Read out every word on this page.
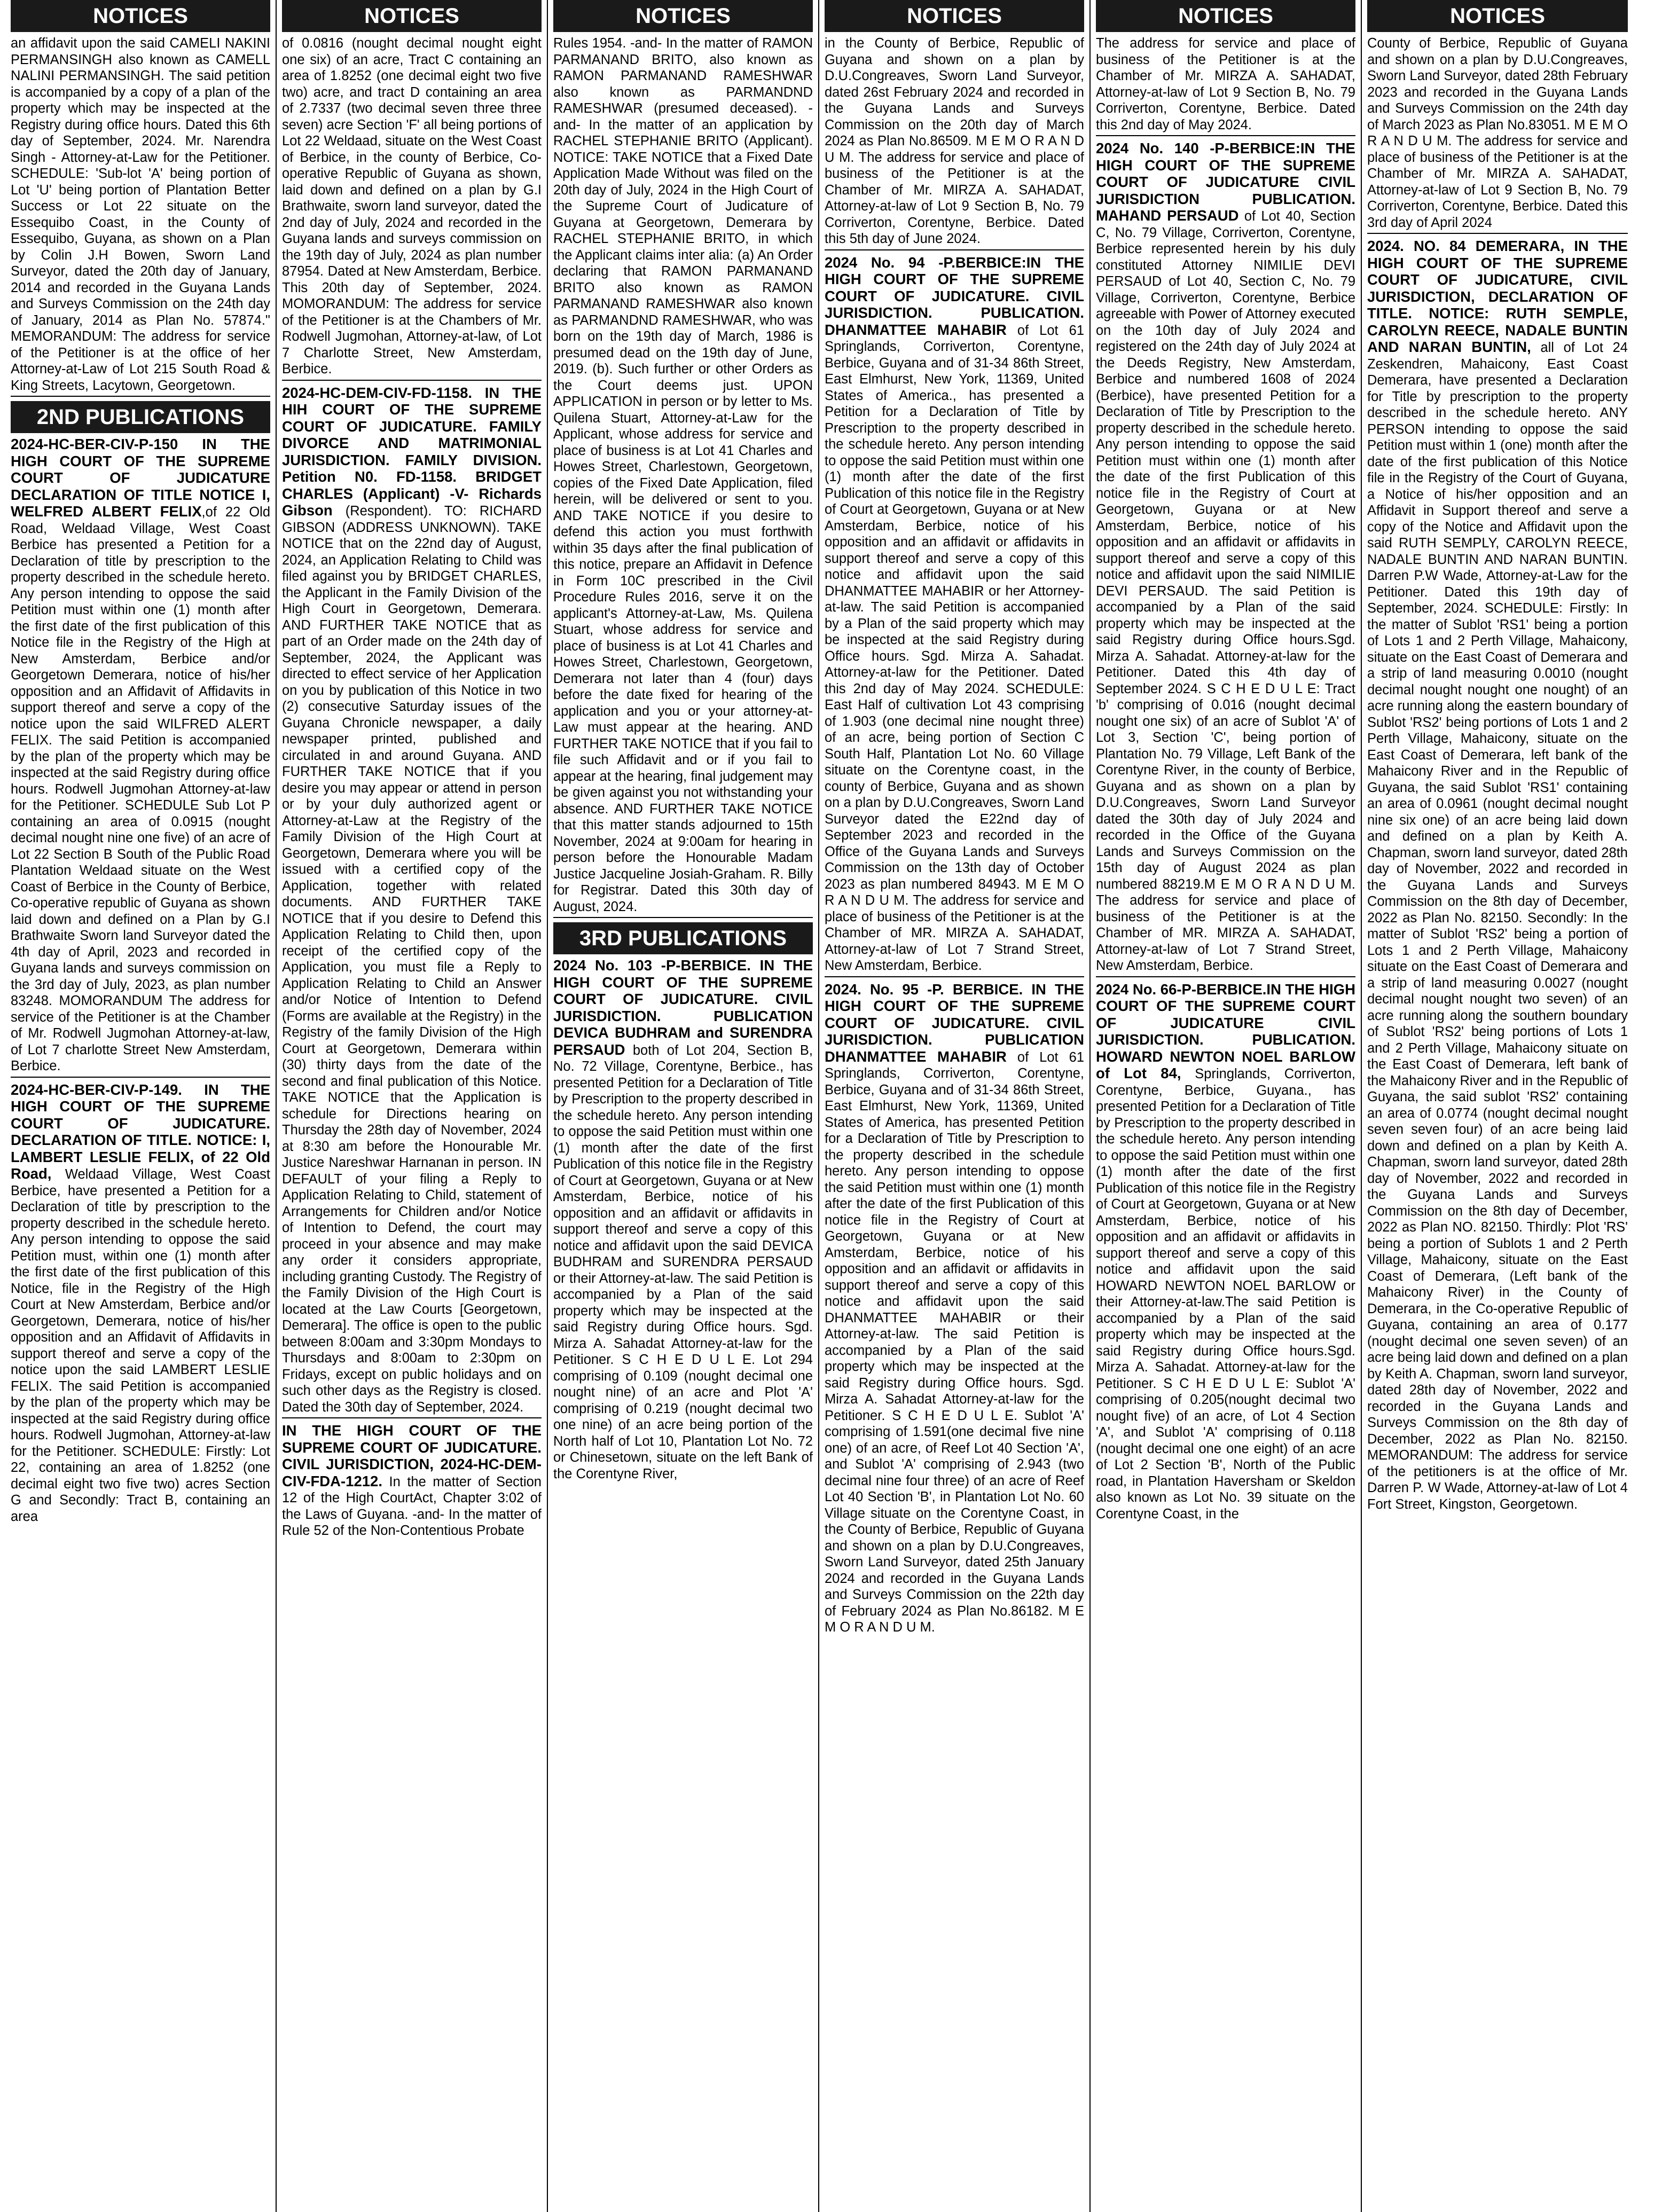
NOTICES

an affidavit upon the said CAMELI NAKINI PERMANSINGH also known as CAMELL NALINI PERMANSINGH. The said petition is accompanied by a copy of a plan of the property which may be inspected at the Registry during office hours. Dated this 6th day of September, 2024. Mr. Narendra Singh - Attorney-at-Law for the Petitioner. SCHEDULE: 'Sub-lot 'A' being portion of Lot 'U' being portion of Plantation Better Success or Lot 22 situate on the Essequibo Coast, in the County of Essequibo, Guyana, as shown on a Plan by Colin J.H Bowen, Sworn Land Surveyor, dated the 20th day of January, 2014 and recorded in the Guyana Lands and Surveys Commission on the 24th day of January, 2014 as Plan No. 57874." MEMORANDUM: The address for service of the Petitioner is at the office of her Attorney-at-Law of Lot 215 South Road & King Streets, Lacytown, Georgetown.

2ND PUBLICATIONS

2024-HC-BER-CIV-P-150 IN THE HIGH COURT OF THE SUPREME COURT OF JUDICATURE DECLARATION OF TITLE NOTICE I, WELFRED ALBERT FELIX,of 22 Old Road, Weldaad Village, West Coast Berbice has presented a Petition for a Declaration of title by prescription to the property described in the schedule hereto. Any person intending to oppose the said Petition must within one (1) month after the first date of the first publication of this Notice file in the Registry of the High at New Amsterdam, Berbice and/or Georgetown Demerara, notice of his/her opposition and an Affidavit of Affidavits in support thereof and serve a copy of the notice upon the said WILFRED ALERT FELIX. The said Petition is accompanied by the plan of the property which may be inspected at the said Registry during office hours. Rodwell Jugmohan Attorney-at-law for the Petitioner. SCHEDULE Sub Lot P containing an area of 0.0915 (nought decimal nought nine one five) of an acre of Lot 22 Section B South of the Public Road Plantation Weldaad situate on the West Coast of Berbice in the County of Berbice, Co-operative republic of Guyana as shown laid down and defined on a Plan by G.I Brathwaite Sworn land Surveyor dated the 4th day of April, 2023 and recorded in Guyana lands and surveys commission on the 3rd day of July, 2023, as plan number 83248. MOMORANDUM The address for service of the Petitioner is at the Chamber of Mr. Rodwell Jugmohan Attorney-at-law, of Lot 7 charlotte Street New Amsterdam, Berbice.

2024-HC-BER-CIV-P-149. IN THE HIGH COURT OF THE SUPREME COURT OF JUDICATURE. DECLARATION OF TITLE. NOTICE: I, LAMBERT LESLIE FELIX, of 22 Old Road, Weldaad Village, West Coast Berbice, have presented a Petition for a Declaration of title by prescription to the property described in the schedule hereto. Any person intending to oppose the said Petition must, within one (1) month after the first date of the first publication of this Notice, file in the Registry of the High Court at New Amsterdam, Berbice and/or Georgetown, Demerara, notice of his/her opposition and an Affidavit of Affidavits in support thereof and serve a copy of the notice upon the said LAMBERT LESLIE FELIX. The said Petition is accompanied by the plan of the property which may be inspected at the said Registry during office hours. Rodwell Jugmohan, Attorney-at-law for the Petitioner. SCHEDULE: Firstly: Lot 22, containing an area of 1.8252 (one decimal eight two five two) acres Section G and Secondly: Tract B, containing an area

NOTICES

of 0.0816 (nought decimal nought eight one six) of an acre, Tract C containing an area of 1.8252 (one decimal eight two five two) acre, and tract D containing an area of 2.7337 (two decimal seven three three seven) acre Section 'F' all being portions of Lot 22 Weldaad, situate on the West Coast of Berbice, in the county of Berbice, Co-operative Republic of Guyana as shown, laid down and defined on a plan by G.I Brathwaite, sworn land surveyor, dated the 2nd day of July, 2024 and recorded in the Guyana lands and surveys commission on the 19th day of July, 2024 as plan number 87954. Dated at New Amsterdam, Berbice. This 20th day of September, 2024. MOMORANDUM: The address for service of the Petitioner is at the Chambers of Mr. Rodwell Jugmohan, Attorney-at-law, of Lot 7 Charlotte Street, New Amsterdam, Berbice.

2024-HC-DEM-CIV-FD-1158. IN THE HIH COURT OF THE SUPREME COURT OF JUDICATURE. FAMILY DIVORCE AND MATRIMONIAL JURISDICTION. FAMILY DIVISION. Petition N0. FD-1158. BRIDGET CHARLES (Applicant) -V- Richards Gibson (Respondent). TO: RICHARD GIBSON (ADDRESS UNKNOWN). TAKE NOTICE that on the 22nd day of August, 2024, an Application Relating to Child was filed against you by BRIDGET CHARLES, the Applicant in the Family Division of the High Court in Georgetown, Demerara. AND FURTHER TAKE NOTICE that as part of an Order made on the 24th day of September, 2024, the Applicant was directed to effect service of her Application on you by publication of this Notice in two (2) consecutive Saturday issues of the Guyana Chronicle newspaper, a daily newspaper printed, published and circulated in and around Guyana. AND FURTHER TAKE NOTICE that if you desire you may appear or attend in person or by your duly authorized agent or Attorney-at-Law at the Registry of the Family Division of the High Court at Georgetown, Demerara where you will be issued with a certified copy of the Application, together with related documents. AND FURTHER TAKE NOTICE that if you desire to Defend this Application Relating to Child then, upon receipt of the certified copy of the Application, you must file a Reply to Application Relating to Child an Answer and/or Notice of Intention to Defend (Forms are available at the Registry) in the Registry of the family Division of the High Court at Georgetown, Demerara within (30) thirty days from the date of the second and final publication of this Notice. TAKE NOTICE that the Application is schedule for Directions hearing on Thursday the 28th day of November, 2024 at 8:30 am before the Honourable Mr. Justice Nareshwar Harnanan in person. IN DEFAULT of your filing a Reply to Application Relating to Child, statement of Arrangements for Children and/or Notice of Intention to Defend, the court may proceed in your absence and may make any order it considers appropriate, including granting Custody. The Registry of the Family Division of the High Court is located at the Law Courts [Georgetown, Demerara]. The office is open to the public between 8:00am and 3:30pm Mondays to Thursdays and 8:00am to 2:30pm on Fridays, except on public holidays and on such other days as the Registry is closed. Dated the 30th day of September, 2024.

IN THE HIGH COURT OF THE SUPREME COURT OF JUDICATURE. CIVIL JURISDICTION, 2024-HC-DEM-CIV-FDA-1212. In the matter of Section 12 of the High CourtAct, Chapter 3:02 of the Laws of Guyana. -and- In the matter of Rule 52 of the Non-Contentious Probate

NOTICES

Rules 1954. -and- In the matter of RAMON PARMANAND BRITO, also known as RAMON PARMANAND RAMESHWAR also known as PARMANDND RAMESHWAR (presumed deceased). -and- In the matter of an application by RACHEL STEPHANIE BRITO (Applicant). NOTICE: TAKE NOTICE that a Fixed Date Application Made Without was filed on the 20th day of July, 2024 in the High Court of the Supreme Court of Judicature of Guyana at Georgetown, Demerara by RACHEL STEPHANIE BRITO, in which the Applicant claims inter alia: (a) An Order declaring that RAMON PARMANAND BRITO also known as RAMON PARMANAND RAMESHWAR also known as PARMANDND RAMESHWAR, who was born on the 19th day of March, 1986 is presumed dead on the 19th day of June, 2019. (b). Such further or other Orders as the Court deems just. UPON APPLICATION in person or by letter to Ms. Quilena Stuart, Attorney-at-Law for the Applicant, whose address for service and place of business is at Lot 41 Charles and Howes Street, Charlestown, Georgetown, copies of the Fixed Date Application, filed herein, will be delivered or sent to you. AND TAKE NOTICE if you desire to defend this action you must forthwith within 35 days after the final publication of this notice, prepare an Affidavit in Defence in Form 10C prescribed in the Civil Procedure Rules 2016, serve it on the applicant's Attorney-at-Law, Ms. Quilena Stuart, whose address for service and place of business is at Lot 41 Charles and Howes Street, Charlestown, Georgetown, Demerara not later than 4 (four) days before the date fixed for hearing of the application and you or your attorney-at-Law must appear at the hearing. AND FURTHER TAKE NOTICE that if you fail to file such Affidavit and or if you fail to appear at the hearing, final judgement may be given against you not withstanding your absence. AND FURTHER TAKE NOTICE that this matter stands adjourned to 15th November, 2024 at 9:00am for hearing in person before the Honourable Madam Justice Jacqueline Josiah-Graham. R. Billy for Registrar. Dated this 30th day of August, 2024.

3RD PUBLICATIONS

2024 No. 103 -P-BERBICE. IN THE HIGH COURT OF THE SUPREME COURT OF JUDICATURE. CIVIL JURISDICTION. PUBLICATION DEVICA BUDHRAM and SURENDRA PERSAUD both of Lot 204, Section B, No. 72 Village, Corentyne, Berbice., has presented Petition for a Declaration of Title by Prescription to the property described in the schedule hereto. Any person intending to oppose the said Petition must within one (1) month after the date of the first Publication of this notice file in the Registry of Court at Georgetown, Guyana or at New Amsterdam, Berbice, notice of his opposition and an affidavit or affidavits in support thereof and serve a copy of this notice and affidavit upon the said DEVICA BUDHRAM and SURENDRA PERSAUD or their Attorney-at-law. The said Petition is accompanied by a Plan of the said property which may be inspected at the said Registry during Office hours. Sgd. Mirza A. Sahadat Attorney-at-law for the Petitioner. S C H E D U L E. Lot 294 comprising of 0.109 (nought decimal one nought nine) of an acre and Plot 'A' comprising of 0.219 (nought decimal two one nine) of an acre being portion of the North half of Lot 10, Plantation Lot No. 72 or Chinesetown, situate on the left Bank of the Corentyne River,

NOTICES

in the County of Berbice, Republic of Guyana and shown on a plan by D.U.Congreaves, Sworn Land Surveyor, dated 26st February 2024 and recorded in the Guyana Lands and Surveys Commission on the 20th day of March 2024 as Plan No.86509. M E M O R A N D U M. The address for service and place of business of the Petitioner is at the Chamber of Mr. MIRZA A. SAHADAT, Attorney-at-law of Lot 9 Section B, No. 79 Corriverton, Corentyne, Berbice. Dated this 5th day of June 2024.

2024 No. 94 -P.BERBICE:IN THE HIGH COURT OF THE SUPREME COURT OF JUDICATURE. CIVIL JURISDICTION. PUBLICATION. DHANMATTEE MAHABIR of Lot 61 Springlands, Corriverton, Corentyne, Berbice, Guyana and of 31-34 86th Street, East Elmhurst, New York, 11369, United States of America., has presented a Petition for a Declaration of Title by Prescription to the property described in the schedule hereto. Any person intending to oppose the said Petition must within one (1) month after the date of the first Publication of this notice file in the Registry of Court at Georgetown, Guyana or at New Amsterdam, Berbice, notice of his opposition and an affidavit or affidavits in support thereof and serve a copy of this notice and affidavit upon the said DHANMATTEE MAHABIR or her Attorney-at-law. The said Petition is accompanied by a Plan of the said property which may be inspected at the said Registry during Office hours. Sgd. Mirza A. Sahadat. Attorney-at-law for the Petitioner. Dated this 2nd day of May 2024. SCHEDULE: East Half of cultivation Lot 43 comprising of 1.903 (one decimal nine nought three) of an acre, being portion of Section C South Half, Plantation Lot No. 60 Village situate on the Corentyne coast, in the county of Berbice, Guyana and as shown on a plan by D.U.Congreaves, Sworn Land Surveyor dated the E22nd day of September 2023 and recorded in the Office of the Guyana Lands and Surveys Commission on the 13th day of October 2023 as plan numbered 84943. M E M O R A N D U M. The address for service and place of business of the Petitioner is at the Chamber of MR. MIRZA A. SAHADAT, Attorney-at-law of Lot 7 Strand Street, New Amsterdam, Berbice.

2024. No. 95 -P. BERBICE. IN THE HIGH COURT OF THE SUPREME COURT OF JUDICATURE. CIVIL JURISDICTION. PUBLICATION DHANMATTEE MAHABIR of Lot 61 Springlands, Corriverton, Corentyne, Berbice, Guyana and of 31-34 86th Street, East Elmhurst, New York, 11369, United States of America, has presented Petition for a Declaration of Title by Prescription to the property described in the schedule hereto. Any person intending to oppose the said Petition must within one (1) month after the date of the first Publication of this notice file in the Registry of Court at Georgetown, Guyana or at New Amsterdam, Berbice, notice of his opposition and an affidavit or affidavits in support thereof and serve a copy of this notice and affidavit upon the said DHANMATTEE MAHABIR or their Attorney-at-law. The said Petition is accompanied by a Plan of the said property which may be inspected at the said Registry during Office hours. Sgd. Mirza A. Sahadat Attorney-at-law for the Petitioner. S C H E D U L E. Sublot 'A' comprising of 1.591(one decimal five nine one) of an acre, of Reef Lot 40 Section 'A', and Sublot 'A' comprising of 2.943 (two decimal nine four three) of an acre of Reef Lot 40 Section 'B', in Plantation Lot No. 60 Village situate on the Corentyne Coast, in the County of Berbice, Republic of Guyana and shown on a plan by D.U.Congreaves, Sworn Land Surveyor, dated 25th January 2024 and recorded in the Guyana Lands and Surveys Commission on the 22th day of February 2024 as Plan No.86182. M E M O R A N D U M.

NOTICES

The address for service and place of business of the Petitioner is at the Chamber of Mr. MIRZA A. SAHADAT, Attorney-at-law of Lot 9 Section B, No. 79 Corriverton, Corentyne, Berbice. Dated this 2nd day of May 2024.

2024 No. 140 -P-BERBICE:IN THE HIGH COURT OF THE SUPREME COURT OF JUDICATURE CIVIL JURISDICTION PUBLICATION. MAHAND PERSAUD of Lot 40, Section C, No. 79 Village, Corriverton, Corentyne, Berbice represented herein by his duly constituted Attorney NIMILIE DEVI PERSAUD of Lot 40, Section C, No. 79 Village, Corriverton, Corentyne, Berbice agreeable with Power of Attorney executed on the 10th day of July 2024 and registered on the 24th day of July 2024 at the Deeds Registry, New Amsterdam, Berbice and numbered 1608 of 2024 (Berbice), have presented Petition for a Declaration of Title by Prescription to the property described in the schedule hereto. Any person intending to oppose the said Petition must within one (1) month after the date of the first Publication of this notice file in the Registry of Court at Georgetown, Guyana or at New Amsterdam, Berbice, notice of his opposition and an affidavit or affidavits in support thereof and serve a copy of this notice and affidavit upon the said NIMILIE DEVI PERSAUD. The said Petition is accompanied by a Plan of the said property which may be inspected at the said Registry during Office hours.Sgd. Mirza A. Sahadat. Attorney-at-law for the Petitioner. Dated this 4th day of September 2024. S C H E D U L E: Tract 'b' comprising of 0.016 (nought decimal nought one six) of an acre of Sublot 'A' of Lot 3, Section 'C', being portion of Plantation No. 79 Village, Left Bank of the Corentyne River, in the county of Berbice, Guyana and as shown on a plan by D.U.Congreaves, Sworn Land Surveyor dated the 30th day of July 2024 and recorded in the Office of the Guyana Lands and Surveys Commission on the 15th day of August 2024 as plan numbered 88219.M E M O R A N D U M. The address for service and place of business of the Petitioner is at the Chamber of MR. MIRZA A. SAHADAT, Attorney-at-law of Lot 7 Strand Street, New Amsterdam, Berbice.

2024 No. 66-P-BERBICE.IN THE HIGH COURT OF THE SUPREME COURT OF JUDICATURE CIVIL JURISDICTION. PUBLICATION. HOWARD NEWTON NOEL BARLOW of Lot 84, Springlands, Corriverton, Corentyne, Berbice, Guyana., has presented Petition for a Declaration of Title by Prescription to the property described in the schedule hereto. Any person intending to oppose the said Petition must within one (1) month after the date of the first Publication of this notice file in the Registry of Court at Georgetown, Guyana or at New Amsterdam, Berbice, notice of his opposition and an affidavit or affidavits in support thereof and serve a copy of this notice and affidavit upon the said HOWARD NEWTON NOEL BARLOW or their Attorney-at-law.The said Petition is accompanied by a Plan of the said property which may be inspected at the said Registry during Office hours.Sgd. Mirza A. Sahadat. Attorney-at-law for the Petitioner. S C H E D U L E: Sublot 'A' comprising of 0.205(nought decimal two nought five) of an acre, of Lot 4 Section 'A', and Sublot 'A' comprising of 0.118 (nought decimal one one eight) of an acre of Lot 2 Section 'B', North of the Public road, in Plantation Haversham or Skeldon also known as Lot No. 39 situate on the Corentyne Coast, in the

NOTICES

County of Berbice, Republic of Guyana and shown on a plan by D.U.Congreaves, Sworn Land Surveyor, dated 28th February 2023 and recorded in the Guyana Lands and Surveys Commission on the 24th day of March 2023 as Plan No.83051. M E M O R A N D U M. The address for service and place of business of the Petitioner is at the Chamber of Mr. MIRZA A. SAHADAT, Attorney-at-law of Lot 9 Section B, No. 79 Corriverton, Corentyne, Berbice. Dated this 3rd day of April 2024

2024. NO. 84 DEMERARA, IN THE HIGH COURT OF THE SUPREME COURT OF JUDICATURE, CIVIL JURISDICTION, DECLARATION OF TITLE. NOTICE: RUTH SEMPLE, CAROLYN REECE, NADALE BUNTIN AND NARAN BUNTIN, all of Lot 24 Zeskendren, Mahaicony, East Coast Demerara, have presented a Declaration for Title by prescription to the property described in the schedule hereto. ANY PERSON intending to oppose the said Petition must within 1 (one) month after the date of the first publication of this Notice file in the Registry of the Court of Guyana, a Notice of his/her opposition and an Affidavit in Support thereof and serve a copy of the Notice and Affidavit upon the said RUTH SEMPLY, CAROLYN REECE, NADALE BUNTIN AND NARAN BUNTIN. Darren P.W Wade, Attorney-at-Law for the Petitioner. Dated this 19th day of September, 2024. SCHEDULE: Firstly: In the matter of Sublot 'RS1' being a portion of Lots 1 and 2 Perth Village, Mahaicony, situate on the East Coast of Demerara and a strip of land measuring 0.0010 (nought decimal nought nought one nought) of an acre running along the eastern boundary of Sublot 'RS2' being portions of Lots 1 and 2 Perth Village, Mahaicony, situate on the East Coast of Demerara, left bank of the Mahaicony River and in the Republic of Guyana, the said Sublot 'RS1' containing an area of 0.0961 (nought decimal nought nine six one) of an acre being laid down and defined on a plan by Keith A. Chapman, sworn land surveyor, dated 28th day of November, 2022 and recorded in the Guyana Lands and Surveys Commission on the 8th day of December, 2022 as Plan No. 82150. Secondly: In the matter of Sublot 'RS2' being a portion of Lots 1 and 2 Perth Village, Mahaicony situate on the East Coast of Demerara and a strip of land measuring 0.0027 (nought decimal nought nought two seven) of an acre running along the southern boundary of Sublot 'RS2' being portions of Lots 1 and 2 Perth Village, Mahaicony situate on the East Coast of Demerara, left bank of the Mahaicony River and in the Republic of Guyana, the said sublot 'RS2' containing an area of 0.0774 (nought decimal nought seven seven four) of an acre being laid down and defined on a plan by Keith A. Chapman, sworn land surveyor, dated 28th day of November, 2022 and recorded in the Guyana Lands and Surveys Commission on the 8th day of December, 2022 as Plan NO. 82150. Thirdly: Plot 'RS' being a portion of Sublots 1 and 2 Perth Village, Mahaicony, situate on the East Coast of Demerara, (Left bank of the Mahaicony River) in the County of Demerara, in the Co-operative Republic of Guyana, containing an area of 0.177 (nought decimal one seven seven) of an acre being laid down and defined on a plan by Keith A. Chapman, sworn land surveyor, dated 28th day of November, 2022 and recorded in the Guyana Lands and Surveys Commission on the 8th day of December, 2022 as Plan No. 82150. MEMORANDUM: The address for service of the petitioners is at the office of Mr. Darren P. W Wade, Attorney-at-law of Lot 4 Fort Street, Kingston, Georgetown.
